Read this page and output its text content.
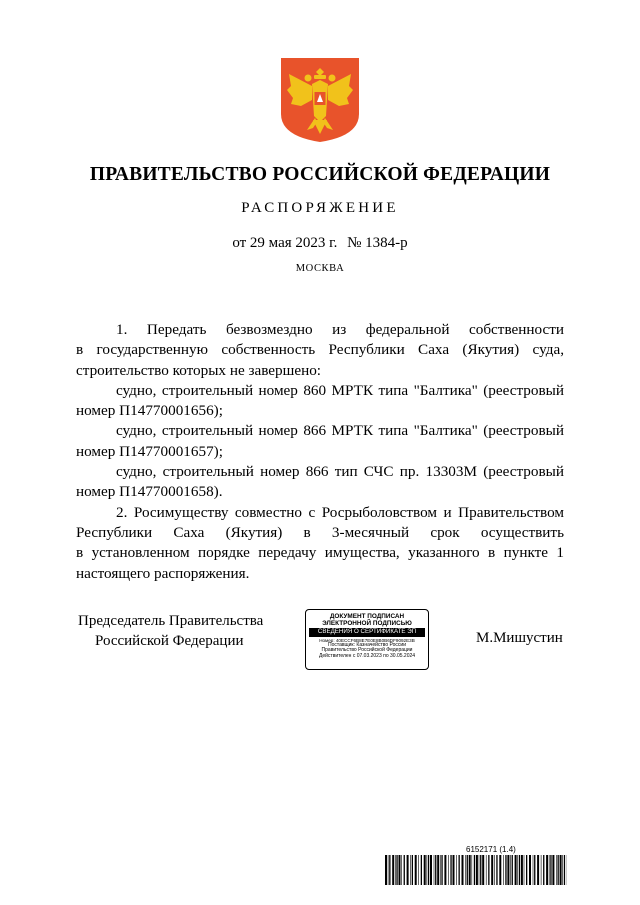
ПРАВИТЕЛЬСТВО РОССИЙСКОЙ ФЕДЕРАЦИИ
РАСПОРЯЖЕНИЕ
от 29 мая 2023 г. № 1384-р
МОСКВА

1. Передать безвозмездно из федеральной собственности

в государственную собственность Республики Саха (Якутия) суда,

строительство которых не завершено:

судно, строительный номер 860 МРТК типа "Балтика" (реестровый номер П14770001656);

судно, строительный номер 866 МРТК типа "Балтика" (реестровый номер П14770001657);

судно, строительный номер 866 тип СЧС пр. 13303М (реестровый номер П14770001658).

2. Росимуществу совместно с Росрыболовством и Правительством

Республики Саха (Якутия) в 3-месячный срок осуществить

в установленном порядке передачу имущества, указанного в пункте 1

настоящего распоряжения.

Председатель Правительства
Российской Федерации
ДОКУМЕНТ ПОДПИСАН
ЭЛЕКТРОННОЙ ПОДПИСЬЮ
СВЕДЕНИЯ О СЕРТИФИКАТЕ ЭП
Номер: 40ECCF6B8E7E0E8B0B6DF9092E3B
Поставщик: Казначейство России
Правительство Российской Федерации
Действителен с 07.03.2023 по 30.05.2024
М.Мишустин
6152171 (1.4)
